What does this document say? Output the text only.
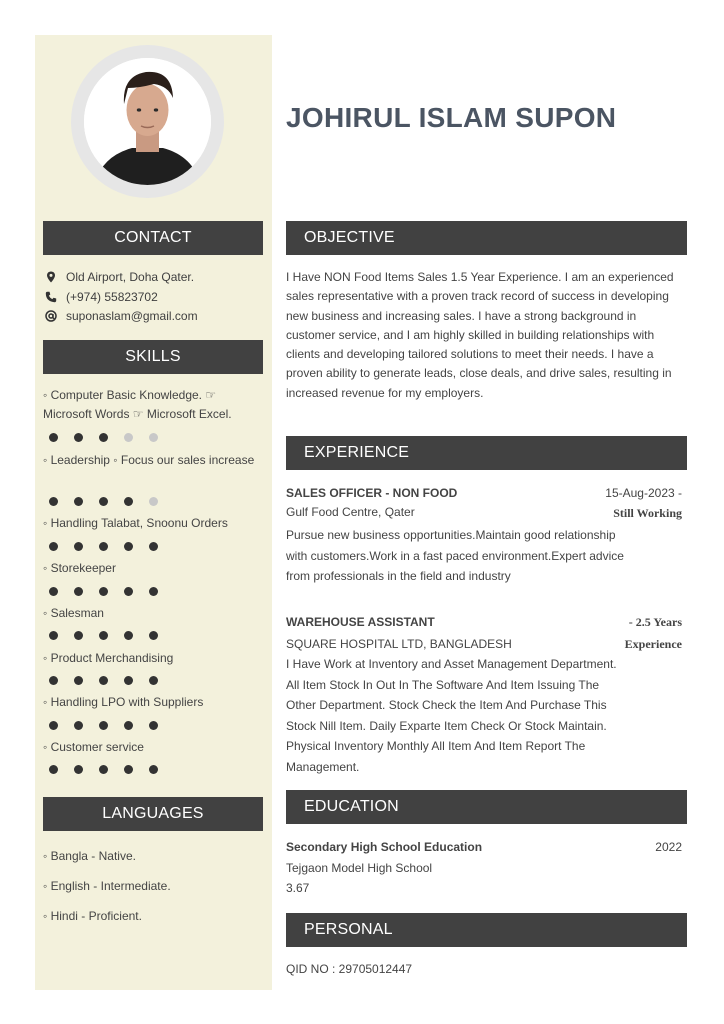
JOHIRUL ISLAM SUPON
CONTACT
Old Airport, Doha Qater.
(+974) 55823702
suponaslam@gmail.com
SKILLS
◦ Computer Basic Knowledge. ☞ Microsoft Words ☞ Microsoft Excel.
◦ Leadership ◦ Focus our sales increase
◦ Handling Talabat, Snoonu Orders
◦ Storekeeper
◦ Salesman
◦ Product Merchandising
◦ Handling LPO with Suppliers
◦ Customer service
LANGUAGES
◦ Bangla - Native.
◦ English - Intermediate.
◦ Hindi - Proficient.
OBJECTIVE
I Have NON Food Items Sales 1.5 Year Experience. I am an experienced sales representative with a proven track record of success in developing new business and increasing sales. I have a strong background in customer service, and I am highly skilled in building relationships with clients and developing tailored solutions to meet their needs. I have a proven ability to generate leads, close deals, and drive sales, resulting in increased revenue for my employers.
EXPERIENCE
SALES OFFICER - NON FOOD	15-Aug-2023 -
Gulf Food Centre, Qater	Still Working
Pursue new business opportunities.Maintain good relationship with customers.Work in a fast paced environment.Expert advice from professionals in the field and industry
WAREHOUSE ASSISTANT	- 2.5 Years
SQUARE HOSPITAL LTD, BANGLADESH	Experience
I Have Work at Inventory and Asset Management Department. All Item Stock In Out In The Software And Item Issuing The Other Department. Stock Check the Item And Purchase This Stock Nill Item. Daily Exparte Item Check Or Stock Maintain. Physical Inventory Monthly All Item And Item Report The Management.
EDUCATION
Secondary High School Education	2022
Tejgaon Model High School
3.67
PERSONAL
QID NO : 29705012447
